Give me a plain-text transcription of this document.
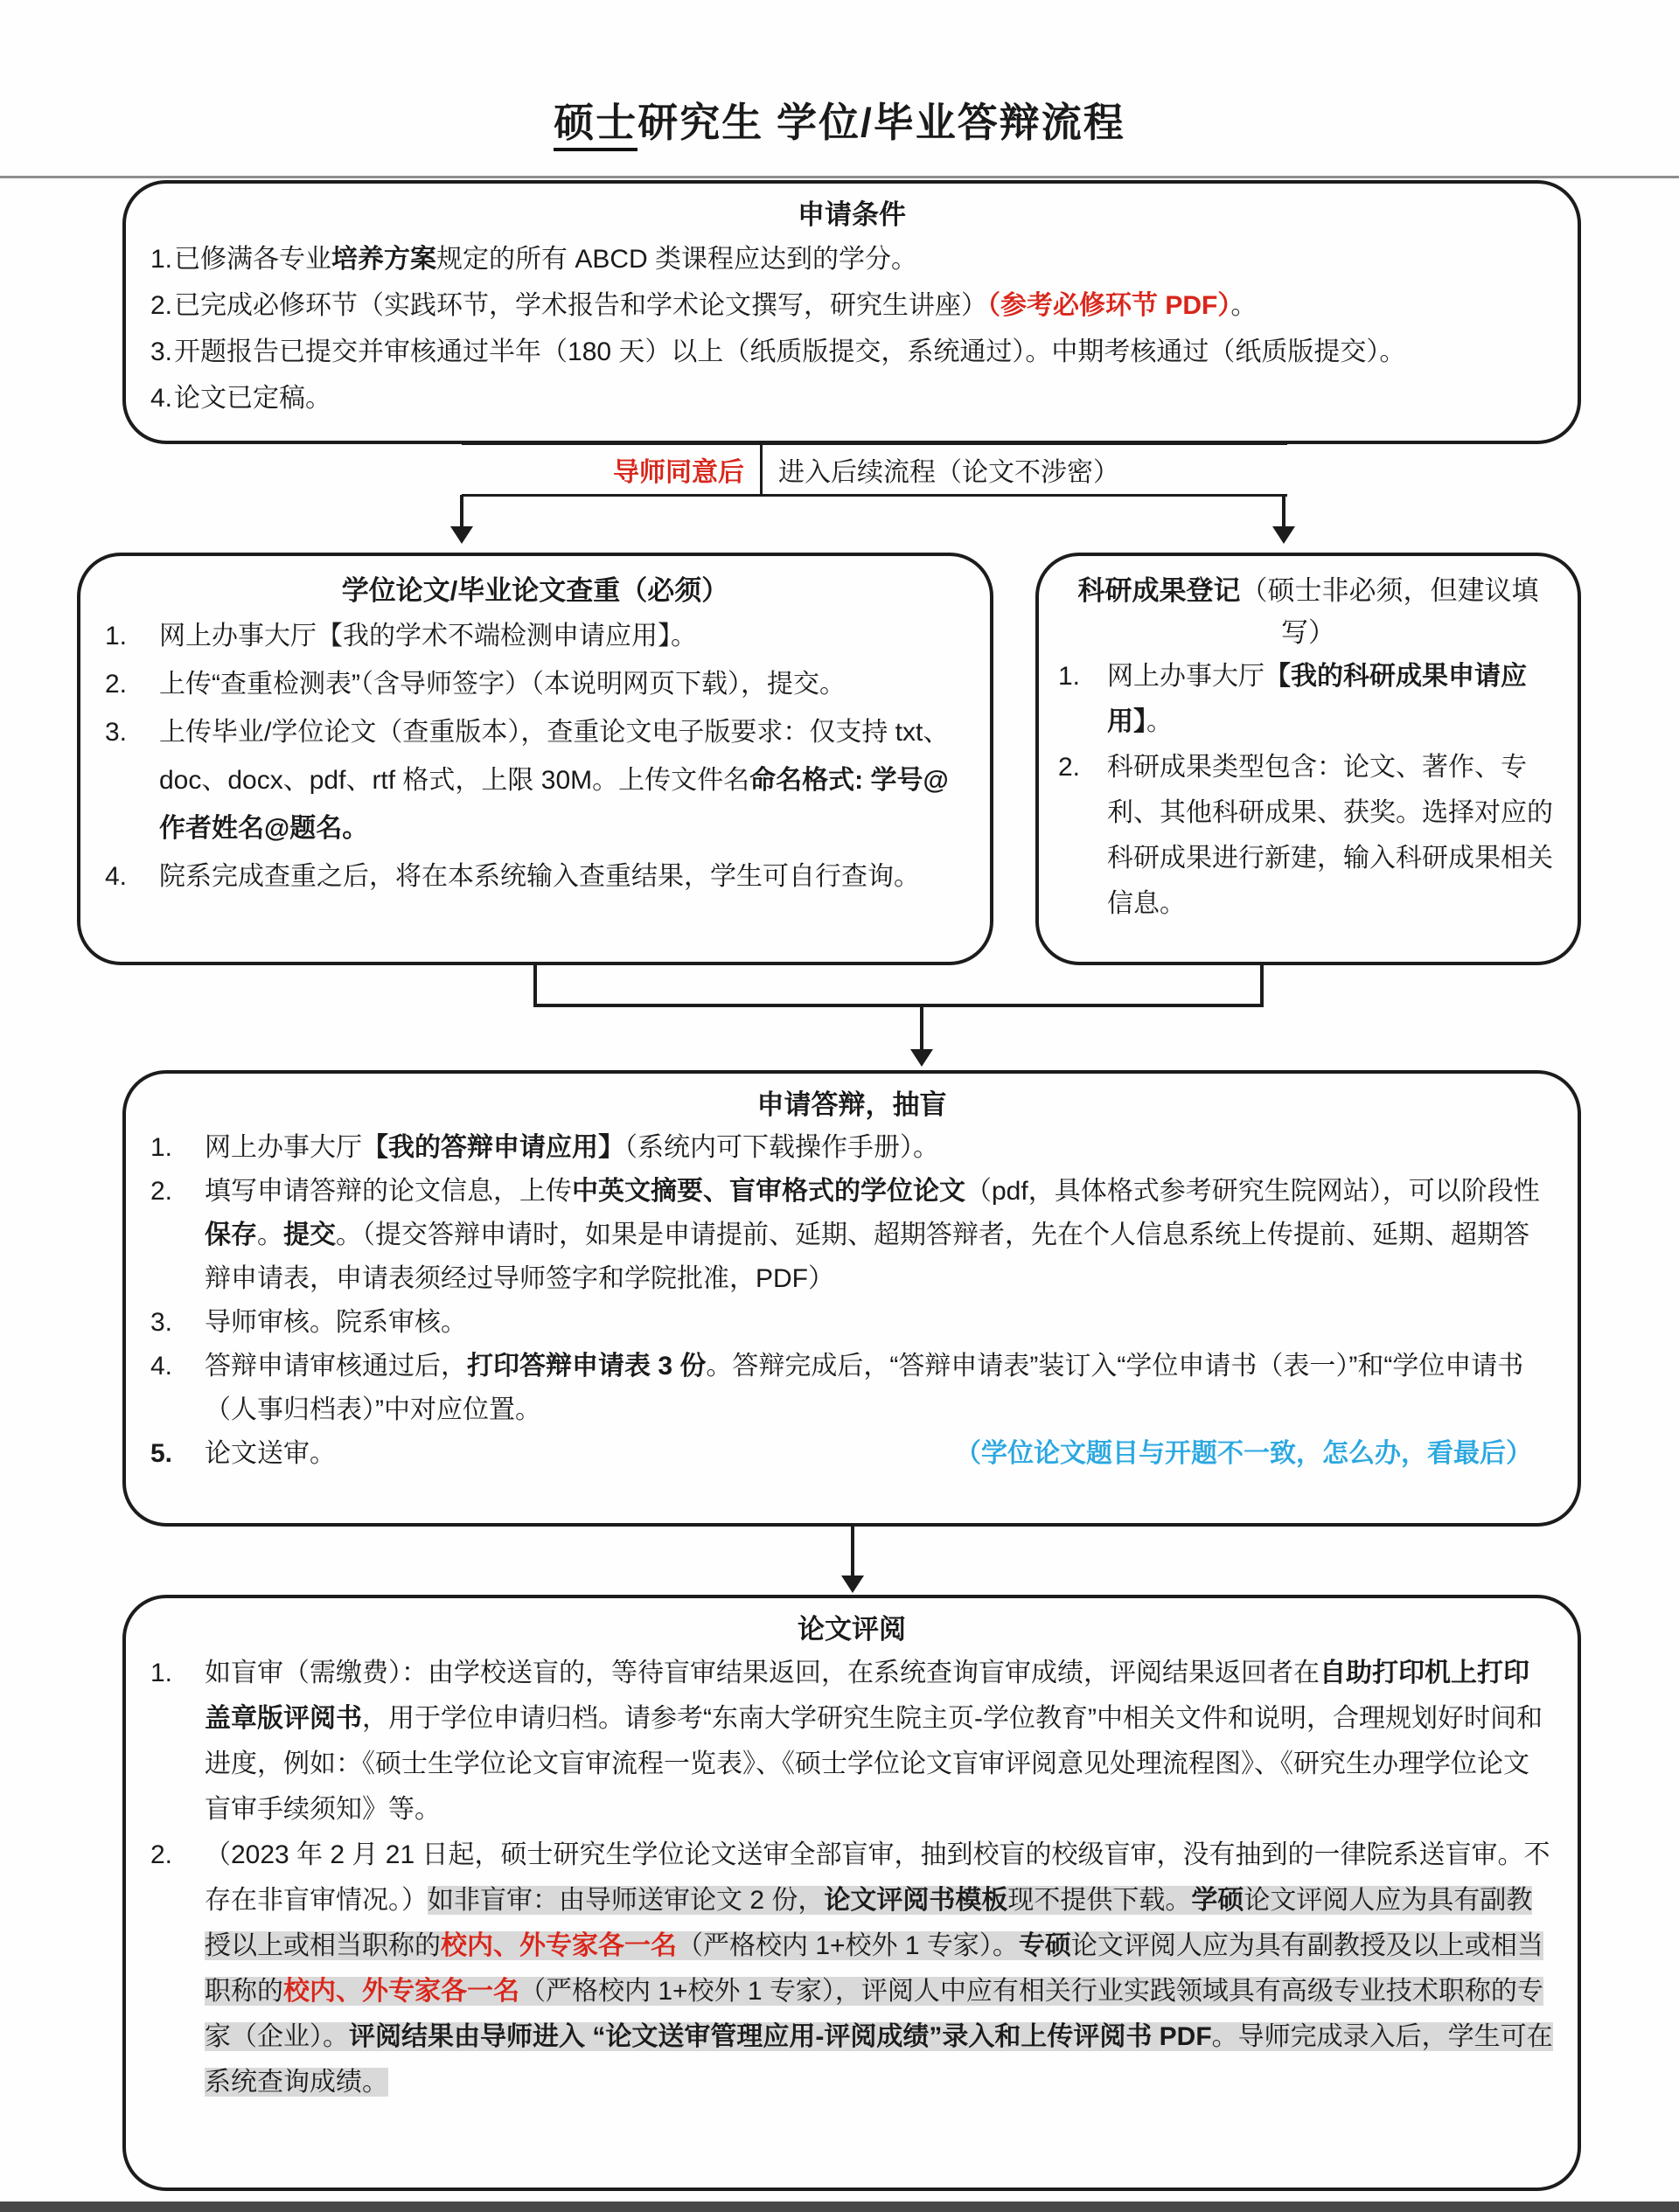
硕士研究生 学位/毕业答辩流程
申请条件
1. 已修满各专业培养方案规定的所有 ABCD 类课程应达到的学分。
2. 已完成必修环节（实践环节，学术报告和学术论文撰写，研究生讲座）（参考必修环节 PDF）。
3. 开题报告已提交并审核通过半年（180 天）以上（纸质版提交，系统通过）。中期考核通过（纸质版提交）。
4. 论文已定稿。
导师同意后	进入后续流程（论文不涉密）
学位论文/毕业论文查重（必须）
1.	网上办事大厅【我的学术不端检测申请应用】。
2.	上传“查重检测表”（含导师签字）（本说明网页下载），提交。
3.	上传毕业/学位论文（查重版本），查重论文电子版要求：仅支持 txt、doc、docx、pdf、rtf 格式，上限 30M。上传文件名命名格式: 学号@作者姓名@题名。
4.	院系完成查重之后，将在本系统输入查重结果，学生可自行查询。
科研成果登记（硕士非必须，但建议填写）
1.	网上办事大厅【我的科研成果申请应用】。
2.	科研成果类型包含：论文、著作、专利、其他科研成果、获奖。选择对应的科研成果进行新建，输入科研成果相关信息。
申请答辩，抽盲
1.	网上办事大厅【我的答辩申请应用】（系统内可下载操作手册）。
2.	填写申请答辩的论文信息，上传中英文摘要、盲审格式的学位论文（pdf，具体格式参考研究生院网站），可以阶段性保存。提交。（提交答辩申请时，如果是申请提前、延期、超期答辩者，先在个人信息系统上传提前、延期、超期答辩申请表，申请表须经过导师签字和学院批准，PDF）
3.	导师审核。院系审核。
4.	答辩申请审核通过后，打印答辩申请表 3 份。答辩完成后，“答辩申请表”装订入“学位申请书（表一）”和“学位申请书（人事归档表）”中对应位置。
5.	论文送审。	（学位论文题目与开题不一致，怎么办，看最后）
论文评阅
1.	如盲审（需缴费）：由学校送盲的，等待盲审结果返回，在系统查询盲审成绩，评阅结果返回者在自助打印机上打印盖章版评阅书，用于学位申请归档。请参考“东南大学研究生院主页-学位教育”中相关文件和说明，合理规划好时间和进度，例如：《硕士生学位论文盲审流程一览表》、《硕士学位论文盲审评阅意见处理流程图》、《研究生办理学位论文盲审手续须知》等。
2.	（2023 年 2 月 21 日起，硕士研究生学位论文送审全部盲审，抽到校盲的校级盲审，没有抽到的一律院系送盲审。不存在非盲审情况。）如非盲审：由导师送审论文 2 份，论文评阅书模板现不提供下载。学硕论文评阅人应为具有副教授以上或相当职称的校内、外专家各一名（严格校内 1+校外 1 专家）。专硕论文评阅人应为具有副教授及以上或相当职称的校内、外专家各一名（严格校内 1+校外 1 专家），评阅人中应有相关行业实践领域具有高级专业技术职称的专家（企业）。评阅结果由导师进入 “论文送审管理应用-评阅成绩”录入和上传评阅书 PDF。导师完成录入后，学生可在系统查询成绩。
